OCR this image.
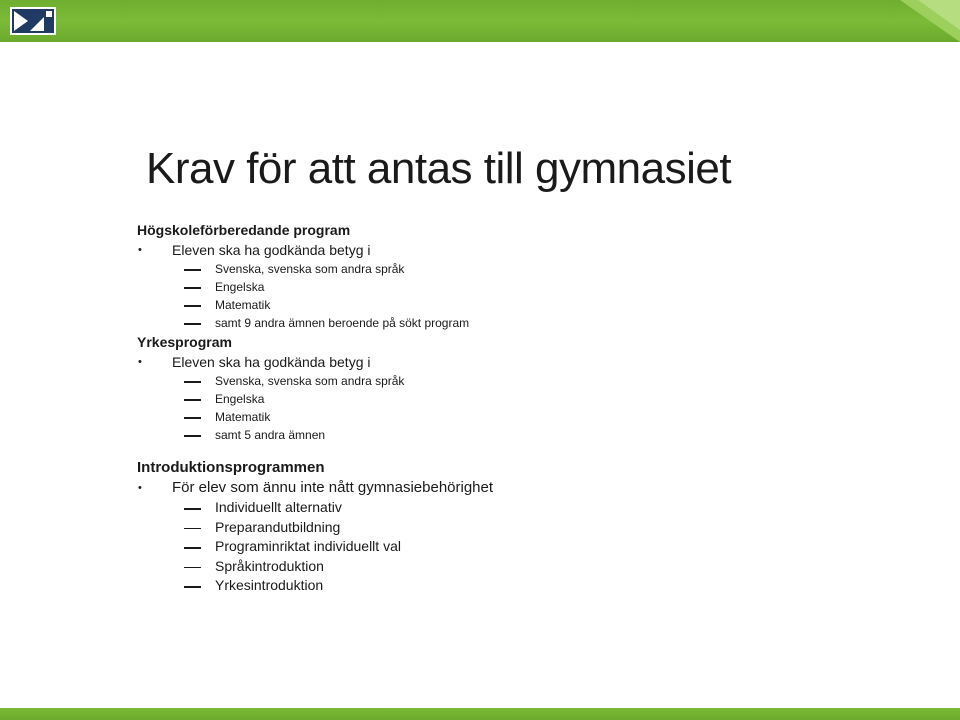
Krav för att antas till gymnasiet
Högskoleförberedande program
• Eleven ska ha godkända betyg i
Svenska, svenska som andra språk
Engelska
Matematik
samt 9 andra ämnen beroende på sökt program
Yrkesprogram
• Eleven ska ha godkända betyg i
Svenska, svenska som andra språk
Engelska
Matematik
samt 5 andra ämnen
Introduktionsprogrammen
• För elev som ännu inte nått gymnasiebehörighet
Individuellt alternativ
Preparandutbildning
Programinriktat individuellt val
Språkintroduktion
Yrkesintroduktion
